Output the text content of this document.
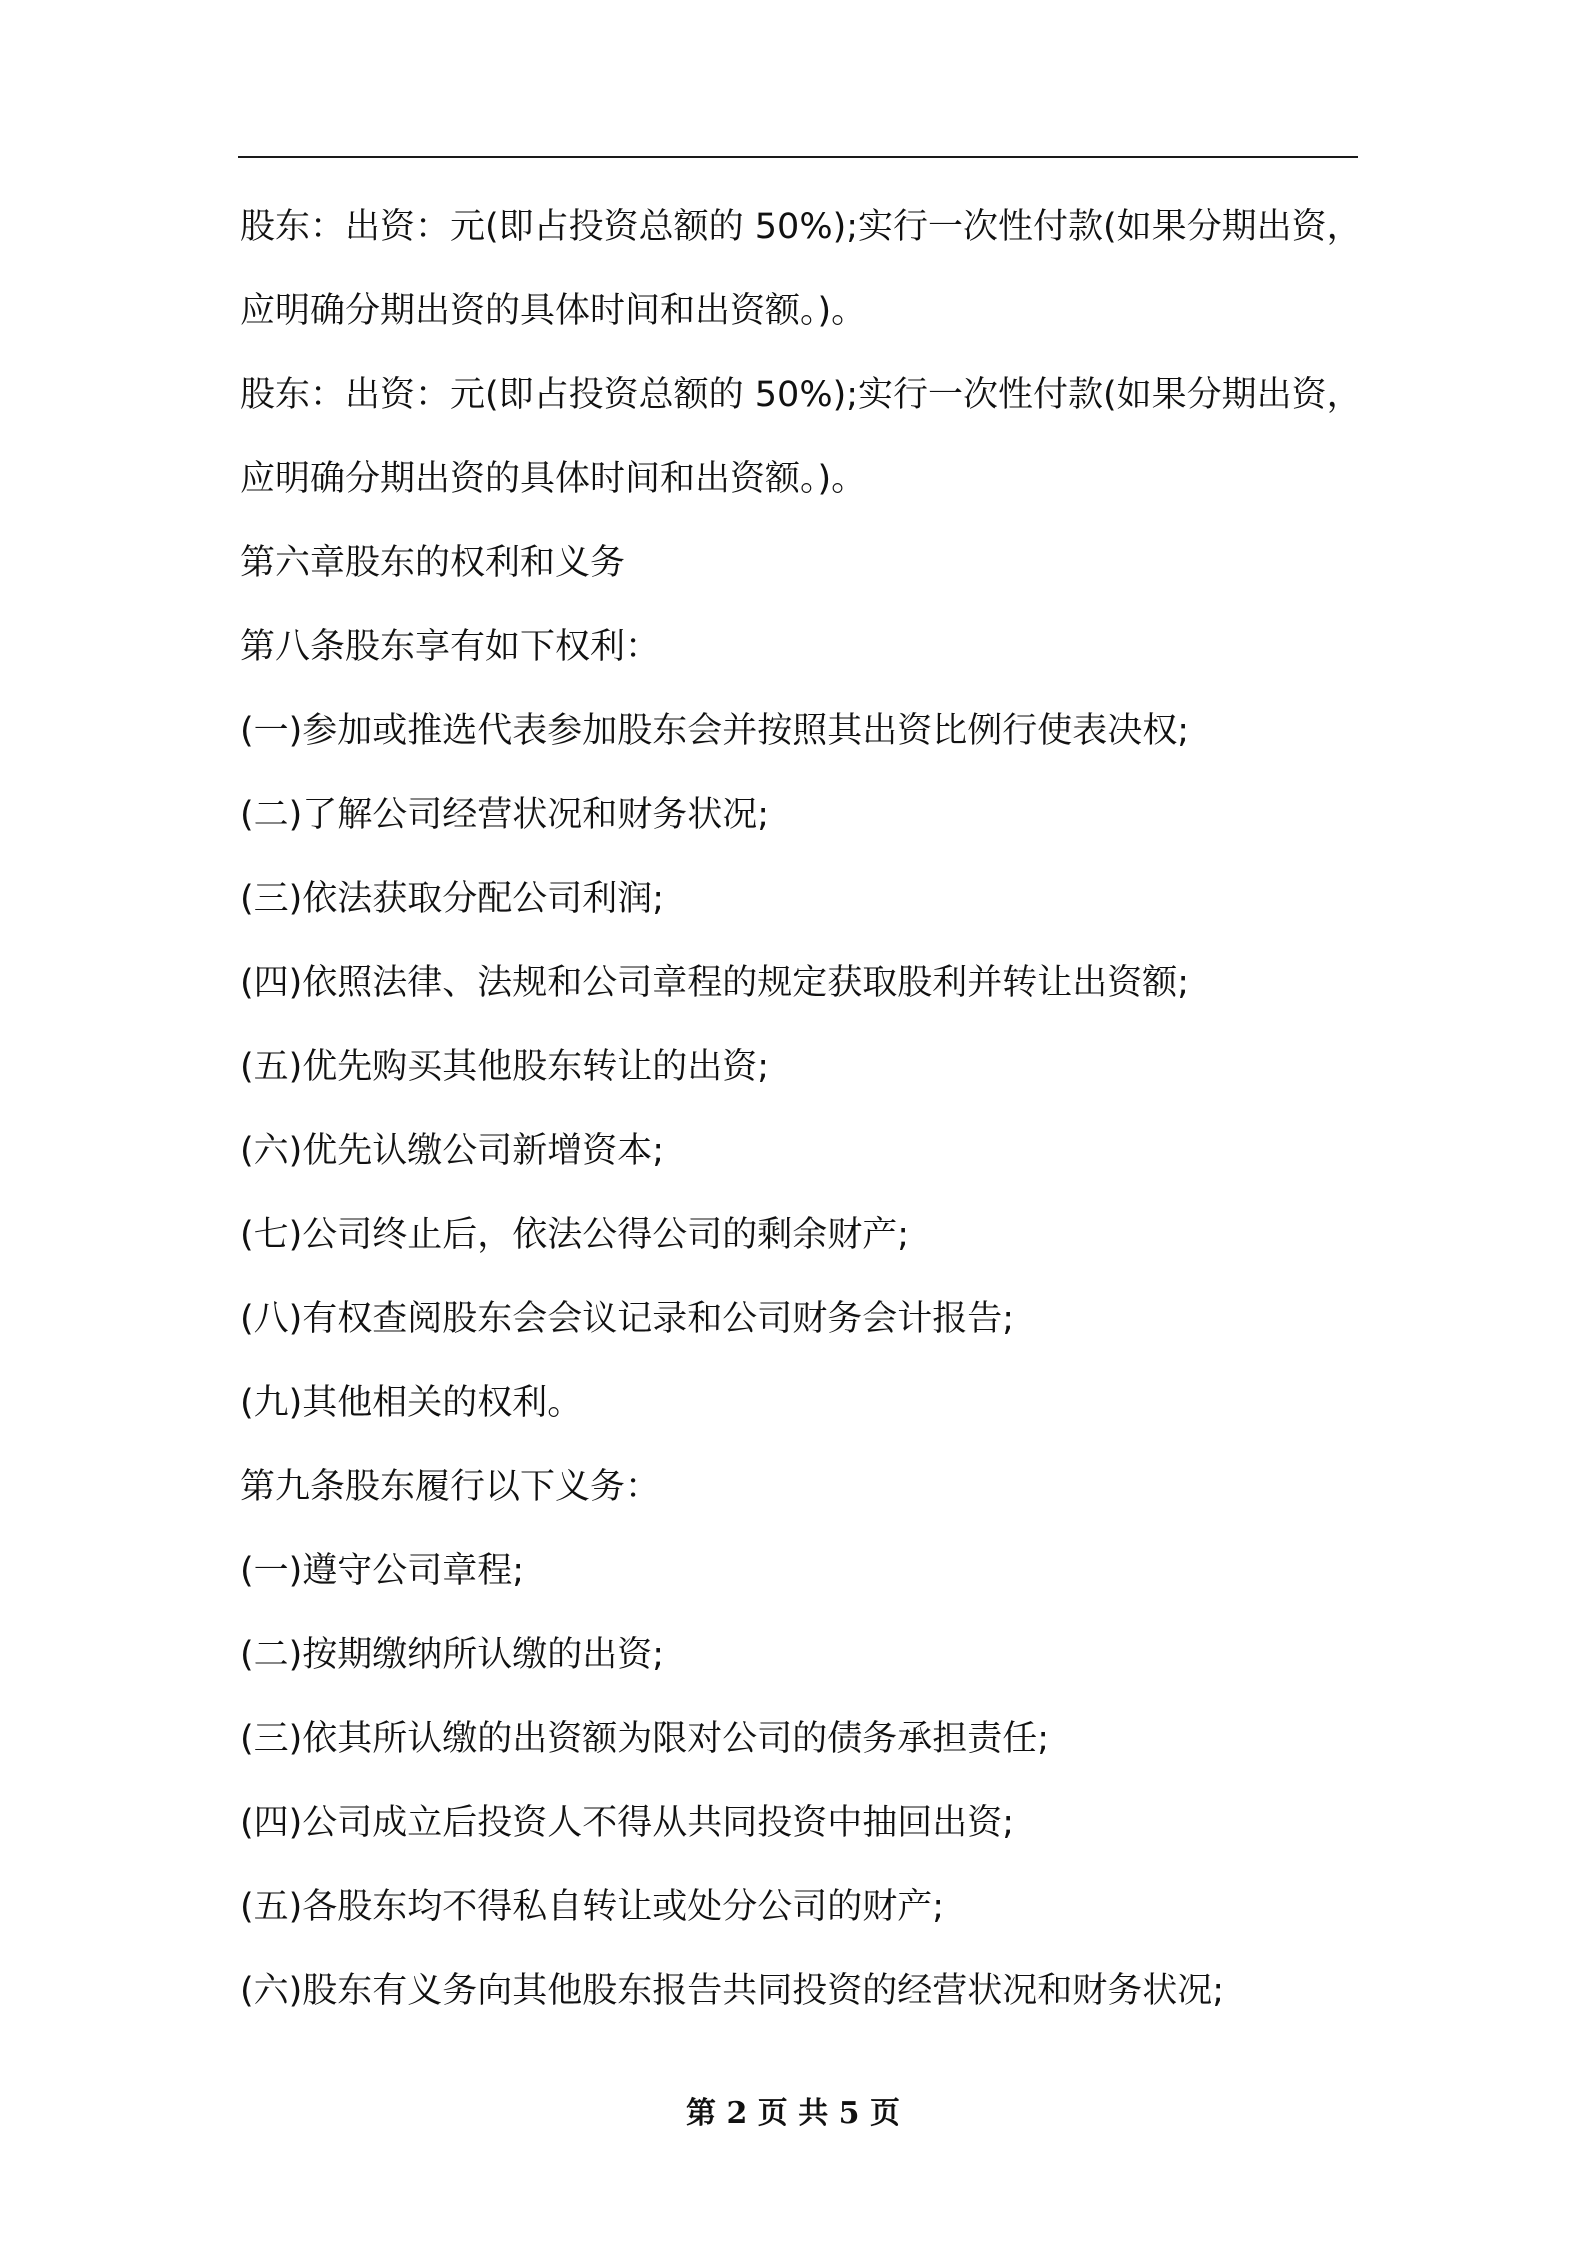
股东：出资：元(即占投资总额的 50%);实行一次性付款(如果分期出资，应明确分期出资的具体时间和出资额。)。

股东：出资：元(即占投资总额的 50%);实行一次性付款(如果分期出资，应明确分期出资的具体时间和出资额。)。

第六章股东的权利和义务

第八条股东享有如下权利：

(一)参加或推选代表参加股东会并按照其出资比例行使表决权;

(二)了解公司经营状况和财务状况;

(三)依法获取分配公司利润;

(四)依照法律、法规和公司章程的规定获取股利并转让出资额;

(五)优先购买其他股东转让的出资;

(六)优先认缴公司新增资本;

(七)公司终止后，依法公得公司的剩余财产;

(八)有权查阅股东会会议记录和公司财务会计报告;

(九)其他相关的权利。

第九条股东履行以下义务：

(一)遵守公司章程;

(二)按期缴纳所认缴的出资;

(三)依其所认缴的出资额为限对公司的债务承担责任;

(四)公司成立后投资人不得从共同投资中抽回出资;

(五)各股东均不得私自转让或处分公司的财产;

(六)股东有义务向其他股东报告共同投资的经营状况和财务状况;

第 2 页 共 5 页
